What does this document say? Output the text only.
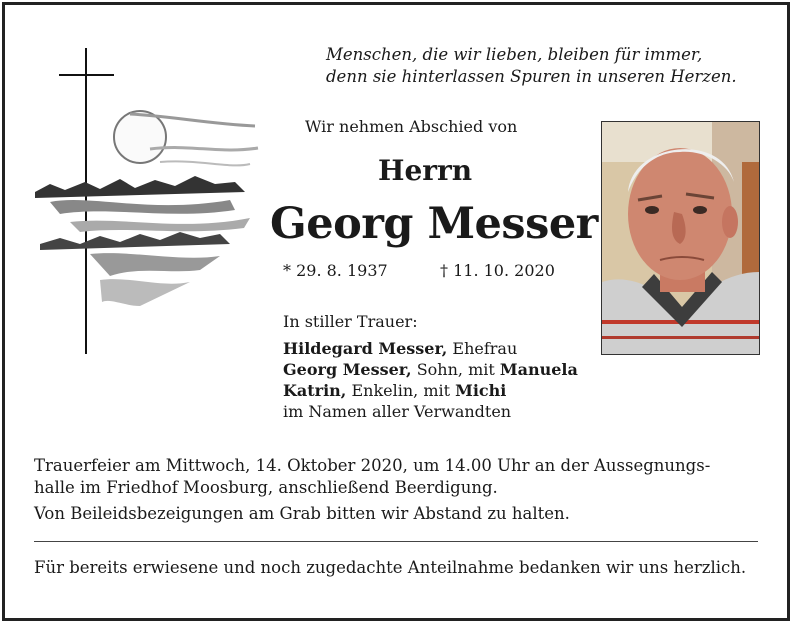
Menschen, die wir lieben, bleiben für immer,
denn sie hinterlassen Spuren in unseren Herzen.
Wir nehmen Abschied von
Herrn
Georg Messer
* 29. 8. 1937	† 11. 10. 2020
In stiller Trauer:
Hildegard Messer, Ehefrau
Georg Messer, Sohn, mit Manuela
Katrin, Enkelin, mit Michi
im Namen aller Verwandten
Trauerfeier am Mittwoch, 14. Oktober 2020, um 14.00 Uhr an der Aussegnungs-
halle im Friedhof Moosburg, anschließend Beerdigung.
Von Beileidsbezeigungen am Grab bitten wir Abstand zu halten.
Für bereits erwiesene und noch zugedachte Anteilnahme bedanken wir uns herzlich.
